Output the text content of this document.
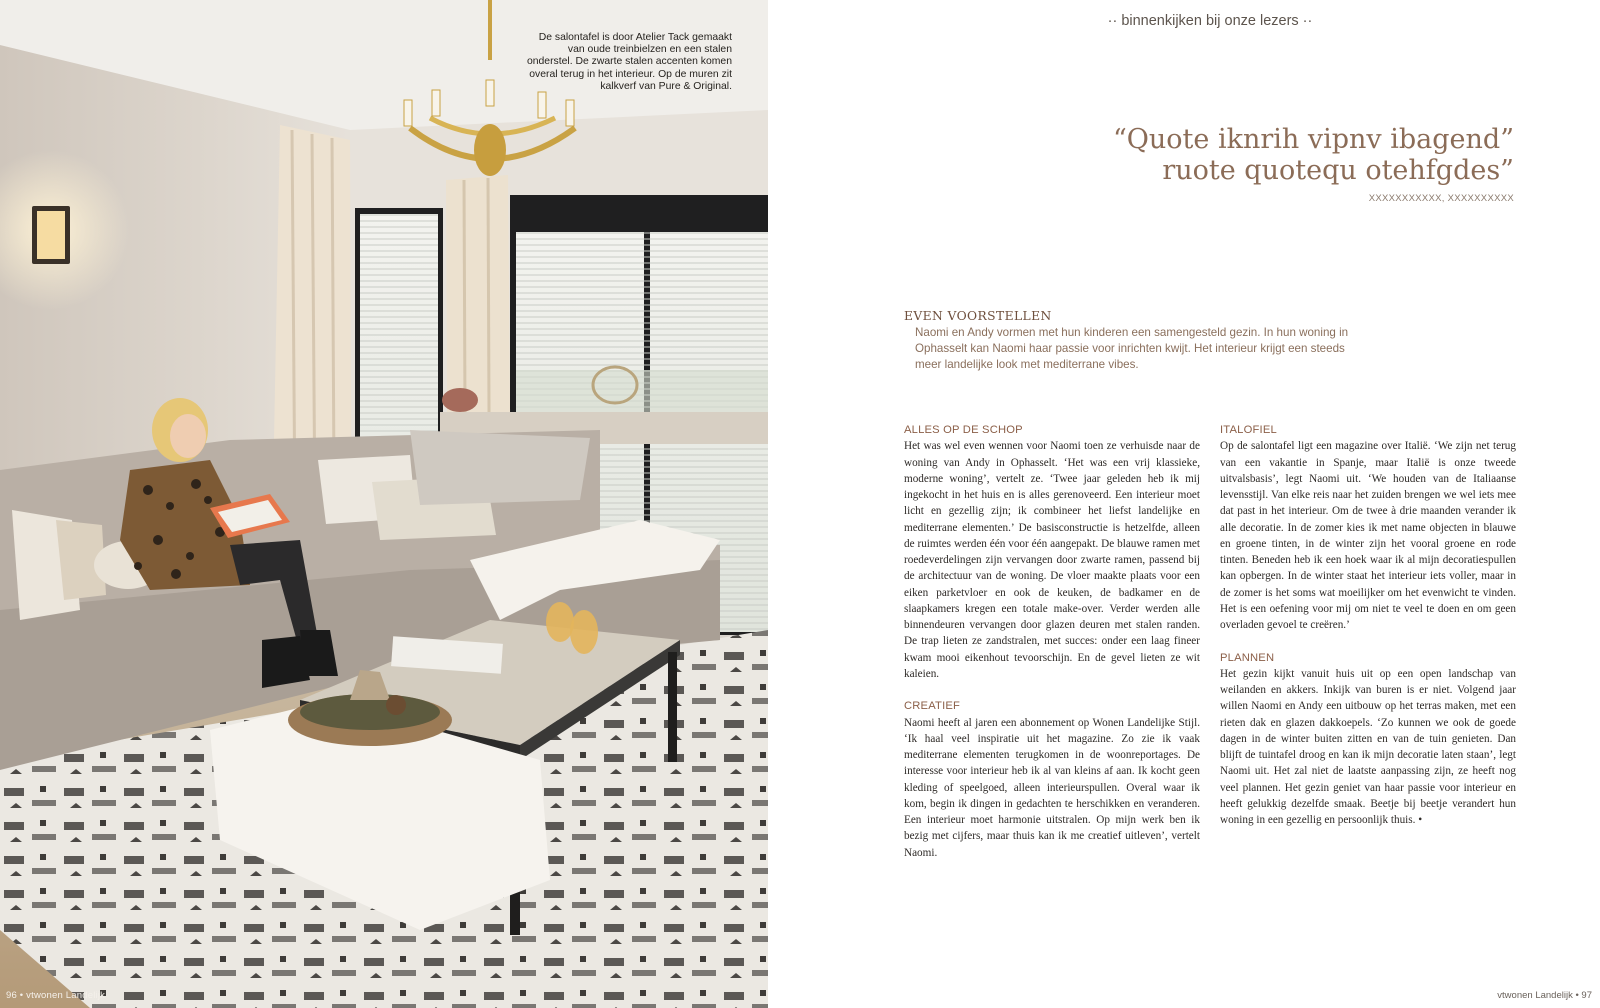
De salontafel is door Atelier Tack gemaakt van oude treinbielzen en een stalen onderstel. De zwarte stalen accenten komen overal terug in het interieur. Op de muren zit kalkverf van Pure & Original.
96 • vtwonen Landelijk
·· binnenkijken bij onze lezers ··
“Quote iknrih vipnv ibagend”
ruote quotequ otehfgdes”
XXXXXXXXXXX, XXXXXXXXXX
EVEN VOORSTELLEN
Naomi en Andy vormen met hun kinderen een samengesteld gezin. In hun woning in Ophasselt kan Naomi haar passie voor inrichten kwijt. Het interieur krijgt een steeds meer landelijke look met mediterrane vibes.
ALLES OP DE SCHOP

Het was wel even wennen voor Naomi toen ze verhuisde naar de woning van Andy in Ophasselt. ‘Het was een vrij klassieke, moderne woning’, vertelt ze. ‘Twee jaar geleden heb ik mij ingekocht in het huis en is alles gerenoveerd. Een interieur moet licht en gezellig zijn; ik combineer het liefst landelijke en mediterrane elementen.’ De basisconstructie is hetzelfde, alleen de ruimtes werden één voor één aangepakt. De blauwe ramen met roedeverdelingen zijn vervangen door zwarte ramen, passend bij de architectuur van de woning. De vloer maakte plaats voor een eiken parketvloer en ook de keuken, de badkamer en de slaapkamers kregen een totale make-over. Verder werden alle binnendeuren vervangen door glazen deuren met stalen randen. De trap lieten ze zandstralen, met succes: onder een laag fineer kwam mooi eikenhout tevoorschijn. En de gevel lieten ze wit kaleien.

CREATIEF

Naomi heeft al jaren een abonnement op Wonen Landelijke Stijl. ‘Ik haal veel inspiratie uit het magazine. Zo zie ik vaak mediterrane elementen terugkomen in de woonreportages. De interesse voor interieur heb ik al van kleins af aan. Ik kocht geen kleding of speelgoed, alleen interieurspullen. Overal waar ik kom, begin ik dingen in gedachten te herschikken en veranderen. Een interieur moet harmonie uitstralen. Op mijn werk ben ik bezig met cijfers, maar thuis kan ik me creatief uitleven’, vertelt Naomi.

ITALOFIEL

Op de salontafel ligt een magazine over Italië. ‘We zijn net terug van een vakantie in Spanje, maar Italië is onze tweede uitvalsbasis’, legt Naomi uit. ‘We houden van de Italiaanse levensstijl. Van elke reis naar het zuiden brengen we wel iets mee dat past in het interieur. Om de twee à drie maanden verander ik alle decoratie. In de zomer kies ik met name objecten in blauwe en groene tinten, in de winter zijn het vooral groene en rode tinten. Beneden heb ik een hoek waar ik al mijn decoratiespullen kan opbergen. In de winter staat het interieur iets voller, maar in de zomer is het soms wat moeilijker om het evenwicht te vinden. Het is een oefening voor mij om niet te veel te doen en om geen overladen gevoel te creëren.’

PLANNEN

Het gezin kijkt vanuit huis uit op een open landschap van weilanden en akkers. Inkijk van buren is er niet. Volgend jaar willen Naomi en Andy een uitbouw op het terras maken, met een rieten dak en glazen dakkoepels. ‘Zo kunnen we ook de goede dagen in de winter buiten zitten en van de tuin genieten. Dan blijft de tuintafel droog en kan ik mijn decoratie laten staan’, legt Naomi uit. Het zal niet de laatste aanpassing zijn, ze heeft nog veel plannen. Het gezin geniet van haar passie voor interieur en heeft gelukkig dezelfde smaak. Beetje bij beetje verandert hun woning in een gezellig en persoonlijk thuis. •

vtwonen Landelijk • 97
